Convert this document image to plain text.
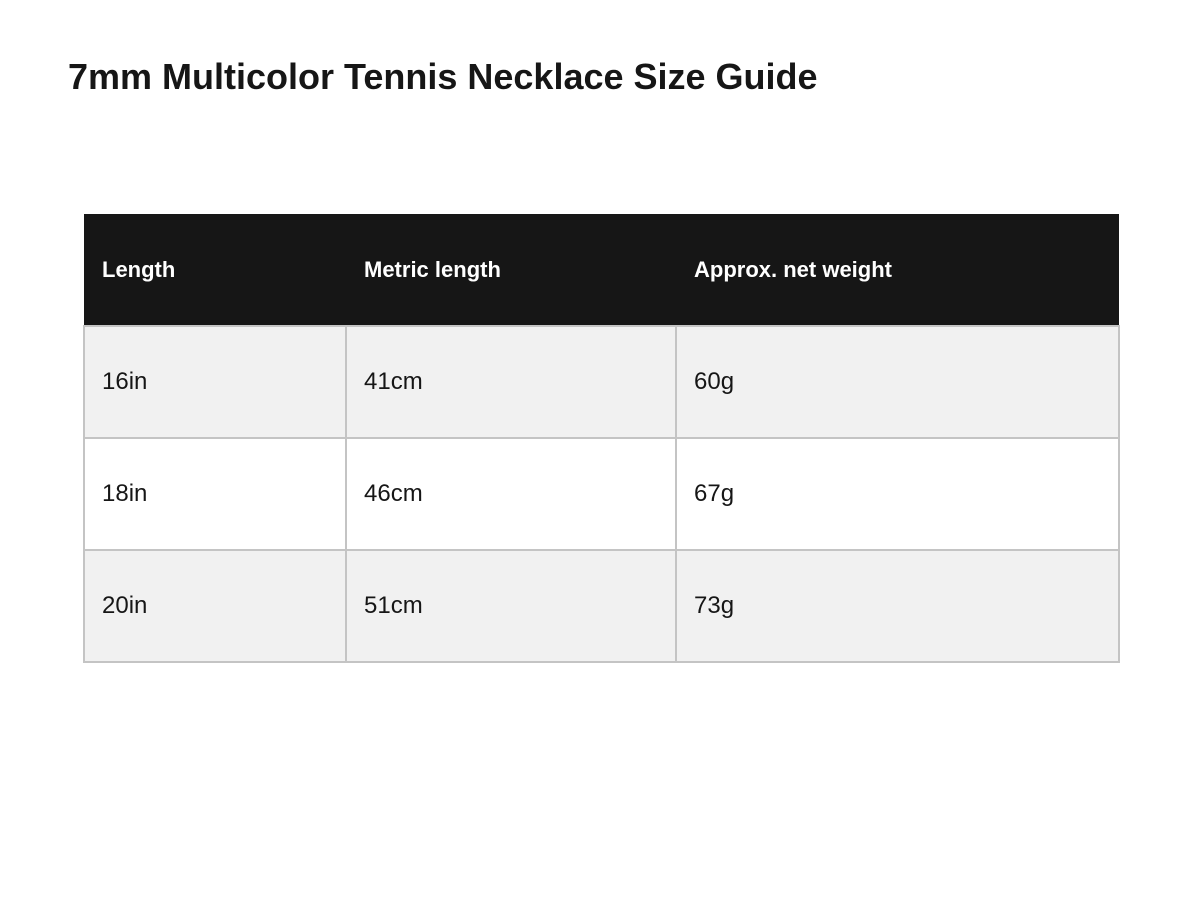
7mm Multicolor Tennis Necklace Size Guide
Length	Metric length	Approx. net weight
16in	41cm	60g
18in	46cm	67g
20in	51cm	73g
